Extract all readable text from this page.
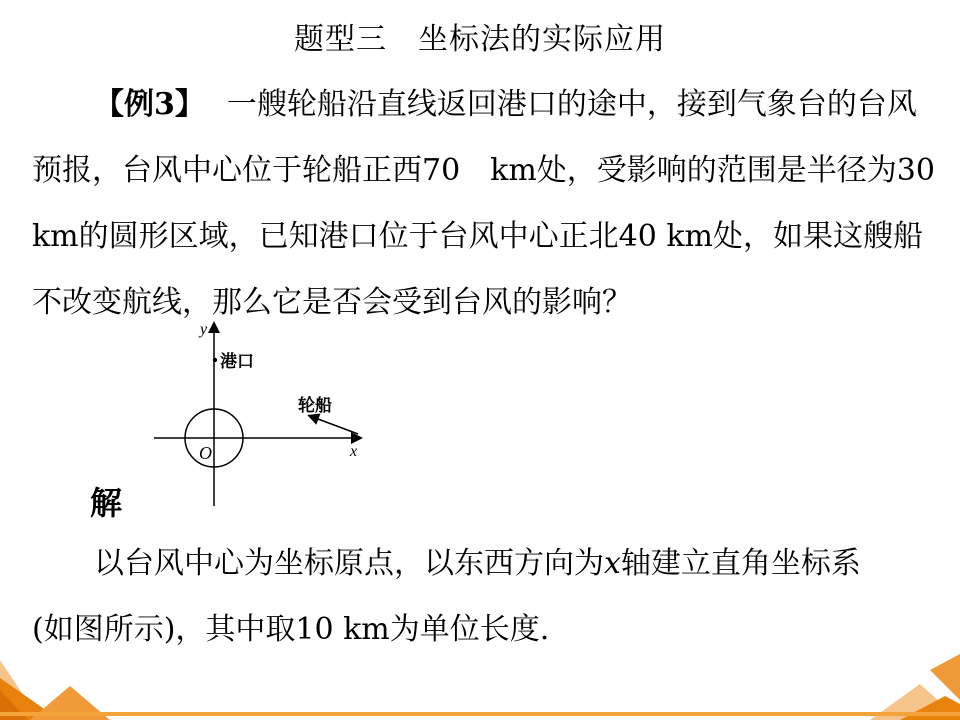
题型三　坐标法的实际应用

【例3】 一艘轮船沿直线返回港口的途中，接到气象台的台风预报，台风中心位于轮船正西70　km处，受影响的范围是半径为30 km的圆形区域，已知港口位于台风中心正北40 km处，如果这艘船不改变航线，那么它是否会受到台风的影响？

y
x
O
港口
轮船
解

以台风中心为坐标原点，以东西方向为x轴建立直角坐标系
(如图所示)，其中取10 km为单位长度.
